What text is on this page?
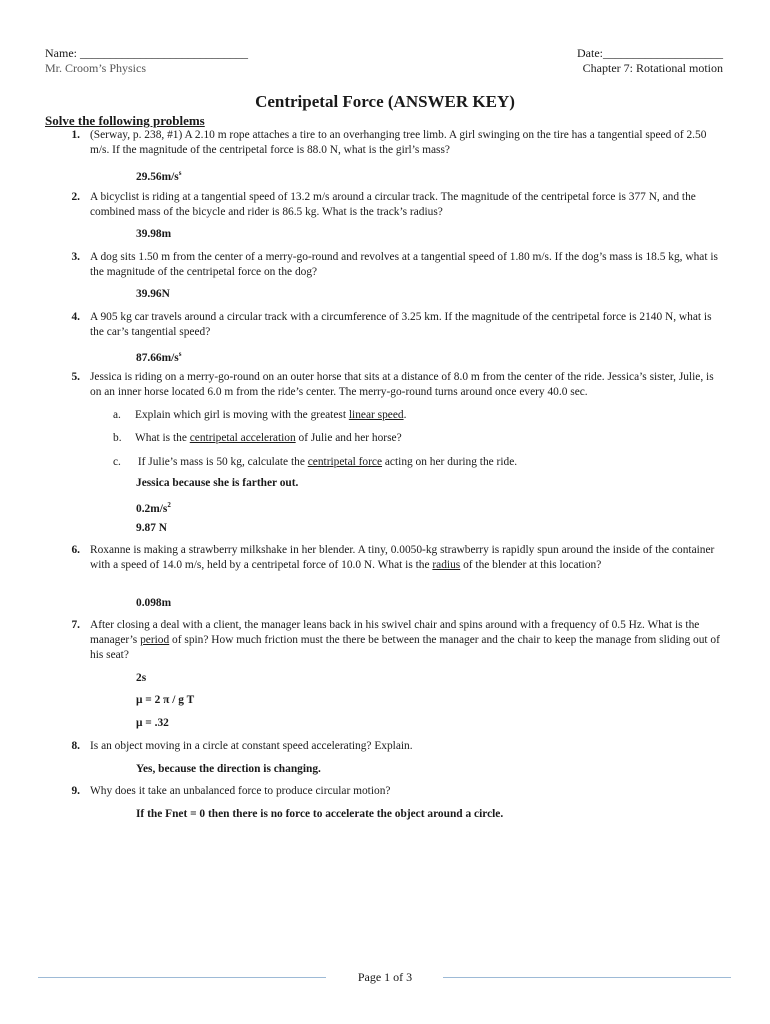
Name: ____________________________	Date:____________________
Mr. Croom’s Physics	Chapter 7: Rotational motion
Centripetal Force (ANSWER KEY)
Solve the following problems
1. (Serway, p. 238, #1) A 2.10 m rope attaches a tire to an overhanging tree limb. A girl swinging on the tire has a tangential speed of 2.50 m/s. If the magnitude of the centripetal force is 88.0 N, what is the girl’s mass?
$29.56m/s^s$
2. A bicyclist is riding at a tangential speed of 13.2 m/s around a circular track. The magnitude of the centripetal force is 377 N, and the combined mass of the bicycle and rider is 86.5 kg. What is the track’s radius?
39.98m
3. A dog sits 1.50 m from the center of a merry-go-round and revolves at a tangential speed of 1.80 m/s. If the dog’s mass is 18.5 kg, what is the magnitude of the centripetal force on the dog?
39.96N
4. A 905 kg car travels around a circular track with a circumference of 3.25 km. If the magnitude of the centripetal force is 2140 N, what is the car’s tangential speed?
$87.66m/s^s$
5. Jessica is riding on a merry-go-round on an outer horse that sits at a distance of 8.0 m from the center of the ride. Jessica’s sister, Julie, is on an inner horse located 6.0 m from the ride’s center. The merry-go-round turns around once every 40.0 sec.
a. Explain which girl is moving with the greatest linear speed.
b. What is the centripetal acceleration of Julie and her horse?
c. If Julie’s mass is 50 kg, calculate the centripetal force acting on her during the ride.
Jessica because she is farther out.
$0.2m/s^2$
9.87 N
6. Roxanne is making a strawberry milkshake in her blender. A tiny, 0.0050-kg strawberry is rapidly spun around the inside of the container with a speed of 14.0 m/s, held by a centripetal force of 10.0 N. What is the radius of the blender at this location?
0.098m
7. After closing a deal with a client, the manager leans back in his swivel chair and spins around with a frequency of 0.5 Hz. What is the manager’s period of spin? How much friction must the there be between the manager and the chair to keep the manage from sliding out of his seat?
2s
μ = 2 π / g T
μ = .32
8. Is an object moving in a circle at constant speed accelerating? Explain.
Yes, because the direction is changing.
9. Why does it take an unbalanced force to produce circular motion?
If the Fnet = 0 then there is no force to accelerate the object around a circle.
Page 1 of 3
